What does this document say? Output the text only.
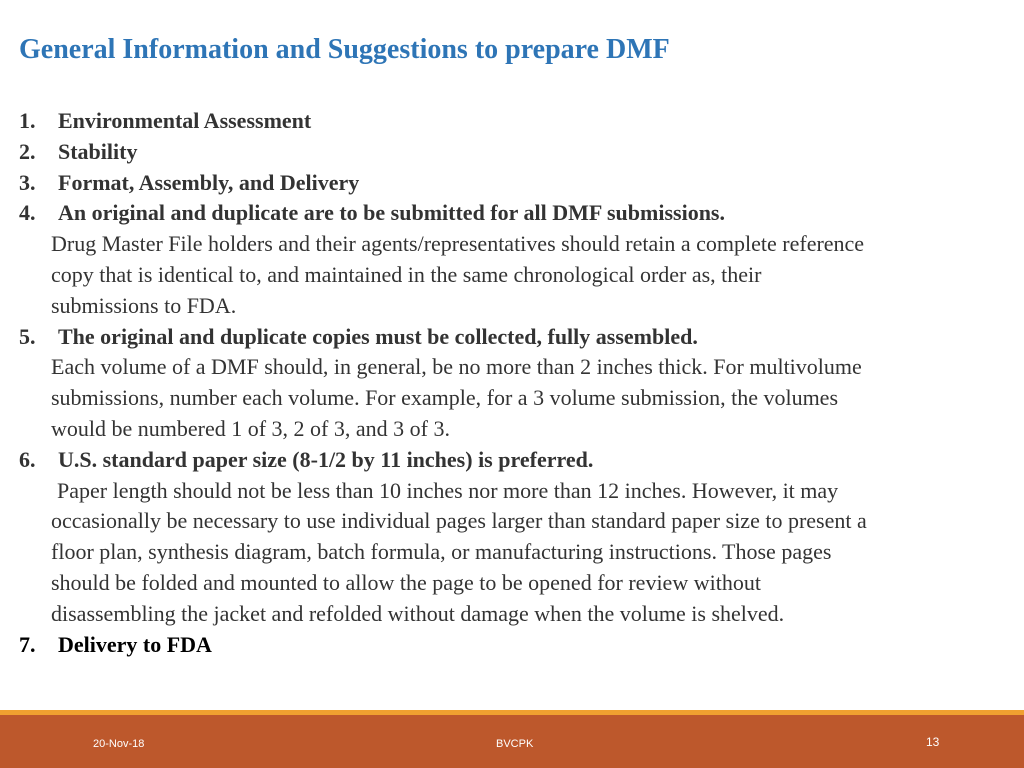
General Information and Suggestions to prepare DMF
1.	Environmental Assessment
2.	Stability
3.	Format, Assembly, and Delivery
4.	An original and duplicate are to be submitted for all DMF submissions.
Drug Master File holders and their agents/representatives should retain a complete reference
copy that is identical to, and maintained in the same chronological order as, their
submissions to FDA.
5.	The original and duplicate copies must be collected, fully assembled.
Each volume of a DMF should, in general, be no more than 2 inches thick. For multivolume
submissions, number each volume. For example, for a 3 volume submission, the volumes
would be numbered 1 of 3, 2 of 3, and 3 of 3.
6.	U.S. standard paper size (8-1/2 by 11 inches) is preferred.
Paper length should not be less than 10 inches nor more than 12 inches. However, it may
occasionally be necessary to use individual pages larger than standard paper size to present a
floor plan, synthesis diagram, batch formula, or manufacturing instructions. Those pages
should be folded and mounted to allow the page to be opened for review without
disassembling the jacket and refolded without damage when the volume is shelved.
7.	Delivery to FDA
20-Nov-18	BVCPK	13
